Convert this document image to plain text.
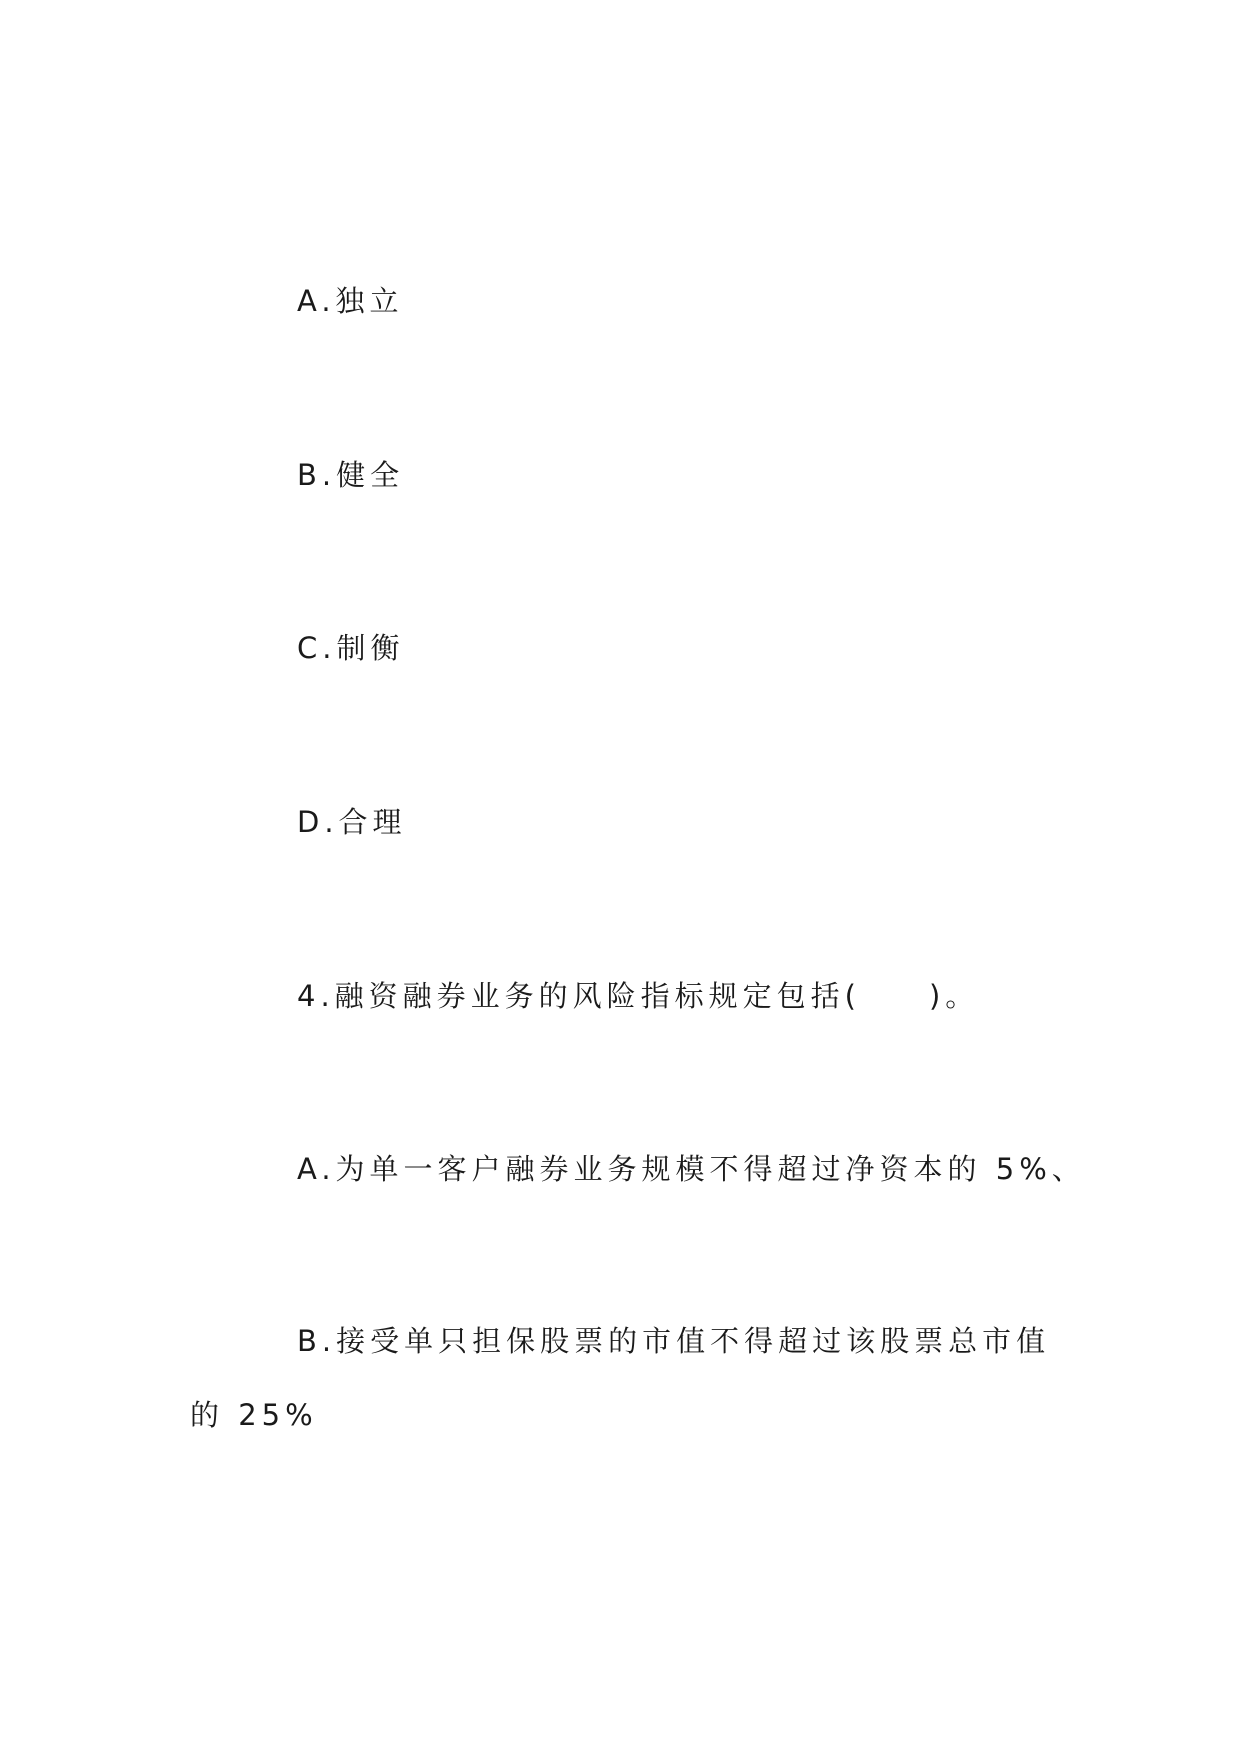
A.独立

B.健全

C.制衡

D.合理

4.融资融券业务的风险指标规定包括(　　)。

A.为单一客户融券业务规模不得超过净资本的 5%、

B.接受单只担保股票的市值不得超过该股票总市值的 25%
